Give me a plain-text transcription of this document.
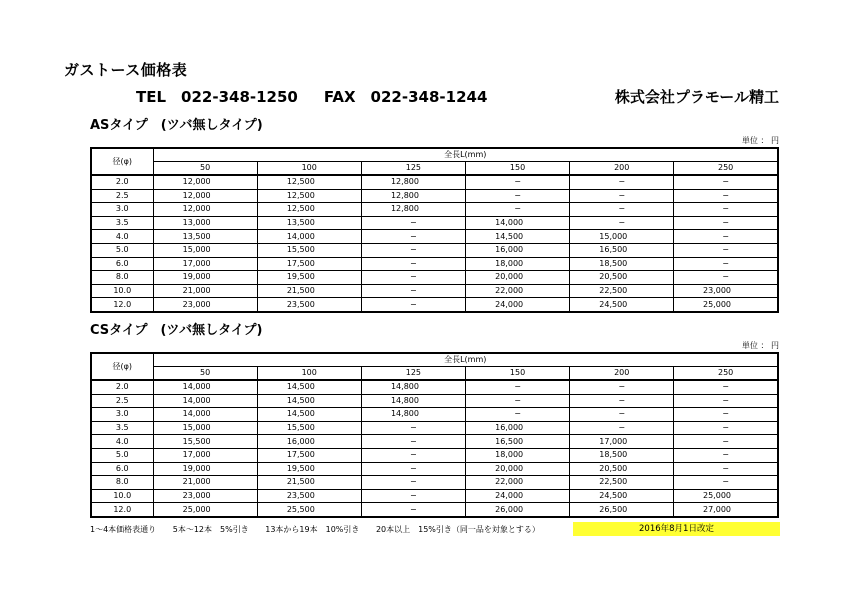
ガストース価格表
TEL　022-348-1250 FAX　022-348-1244	株式会社プラモール精工
ASタイプ　(ツバ無しタイプ)
単位 ： 円
径(φ)	全長L(mm)					
	50	100	125	150	200	250
2.0	12,000	12,500	12,800	−	−	−
2.5	12,000	12,500	12,800	−	−	−
3.0	12,000	12,500	12,800	−	−	−
3.5	13,000	13,500	−	14,000	−	−
4.0	13,500	14,000	−	14,500	15,000	−
5.0	15,000	15,500	−	16,000	16,500	−
6.0	17,000	17,500	−	18,000	18,500	−
8.0	19,000	19,500	−	20,000	20,500	−
10.0	21,000	21,500	−	22,000	22,500	23,000
12.0	23,000	23,500	−	24,000	24,500	25,000
CSタイプ　(ツバ無しタイプ)
単位 ： 円
径(φ)	全長L(mm)					
	50	100	125	150	200	250
2.0	14,000	14,500	14,800	−	−	−
2.5	14,000	14,500	14,800	−	−	−
3.0	14,000	14,500	14,800	−	−	−
3.5	15,000	15,500	−	16,000	−	−
4.0	15,500	16,000	−	16,500	17,000	−
5.0	17,000	17,500	−	18,000	18,500	−
6.0	19,000	19,500	−	20,000	20,500	−
8.0	21,000	21,500	−	22,000	22,500	−
10.0	23,000	23,500	−	24,000	24,500	25,000
12.0	25,000	25,500	−	26,000	26,500	27,000
1〜4本価格表通り 5本〜12本　5%引き 13本から19本　10%引き 20本以上　15%引き（同一品を対象とする）	2016年8月1日改定
